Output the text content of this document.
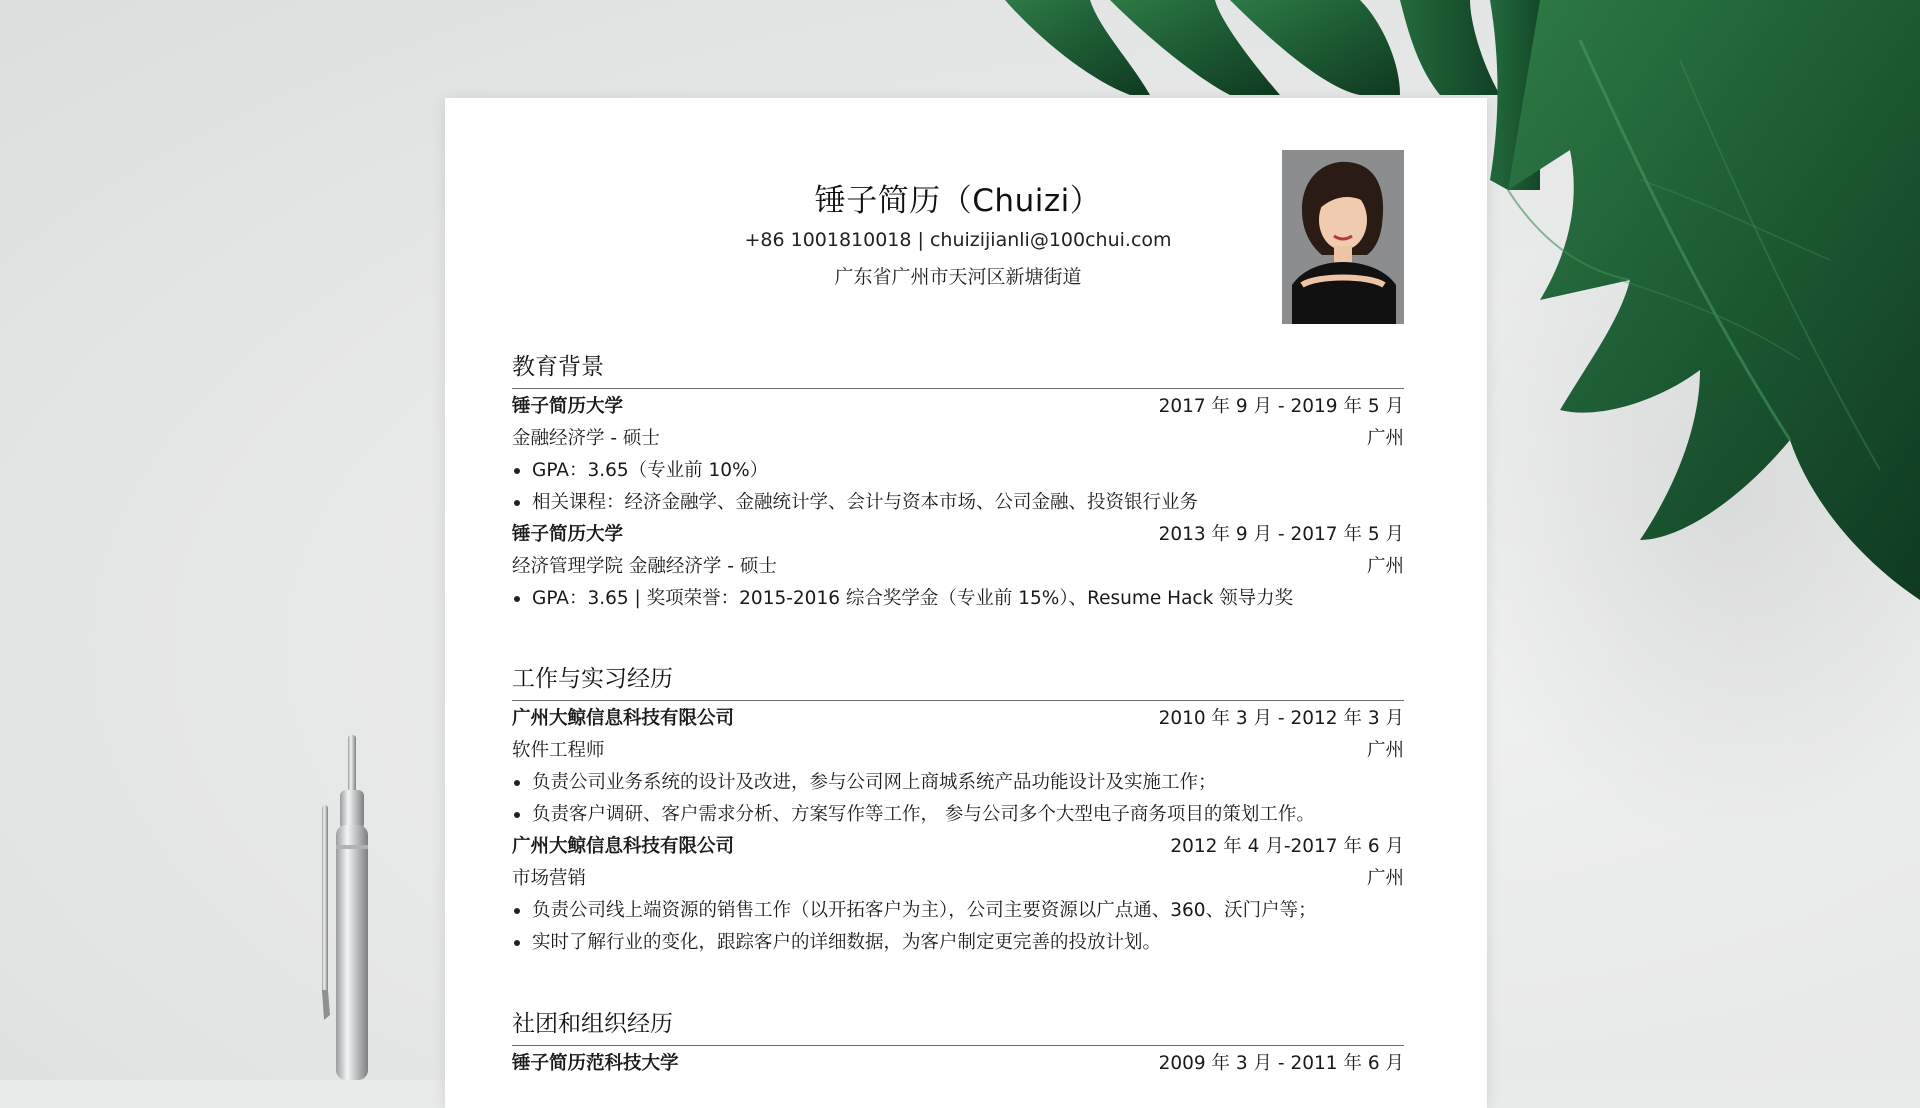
锤子简历（Chuizi）
+86 1001810018 | chuizijianli@100chui.com
广东省广州市天河区新塘街道
教育背景
锤子简历大学	2017 年 9 月 - 2019 年 5 月
金融经济学 - 硕士	广州
GPA：3.65（专业前 10%）
相关课程：经济金融学、金融统计学、会计与资本市场、公司金融、投资银行业务
锤子简历大学	2013 年 9 月 - 2017 年 5 月
经济管理学院 金融经济学 - 硕士	广州
GPA：3.65 | 奖项荣誉：2015-2016 综合奖学金（专业前 15%）、Resume Hack 领导力奖
工作与实习经历
广州大鲸信息科技有限公司	2010 年 3 月 - 2012 年 3 月
软件工程师	广州
负责公司业务系统的设计及改进，参与公司网上商城系统产品功能设计及实施工作；
负责客户调研、客户需求分析、方案写作等工作， 参与公司多个大型电子商务项目的策划工作。
广州大鲸信息科技有限公司	2012 年 4 月-2017 年 6 月
市场营销	广州
负责公司线上端资源的销售工作（以开拓客户为主），公司主要资源以广点通、360、沃门户等；
实时了解行业的变化，跟踪客户的详细数据，为客户制定更完善的投放计划。
社团和组织经历
锤子简历范科技大学	2009 年 3 月 - 2011 年 6 月
